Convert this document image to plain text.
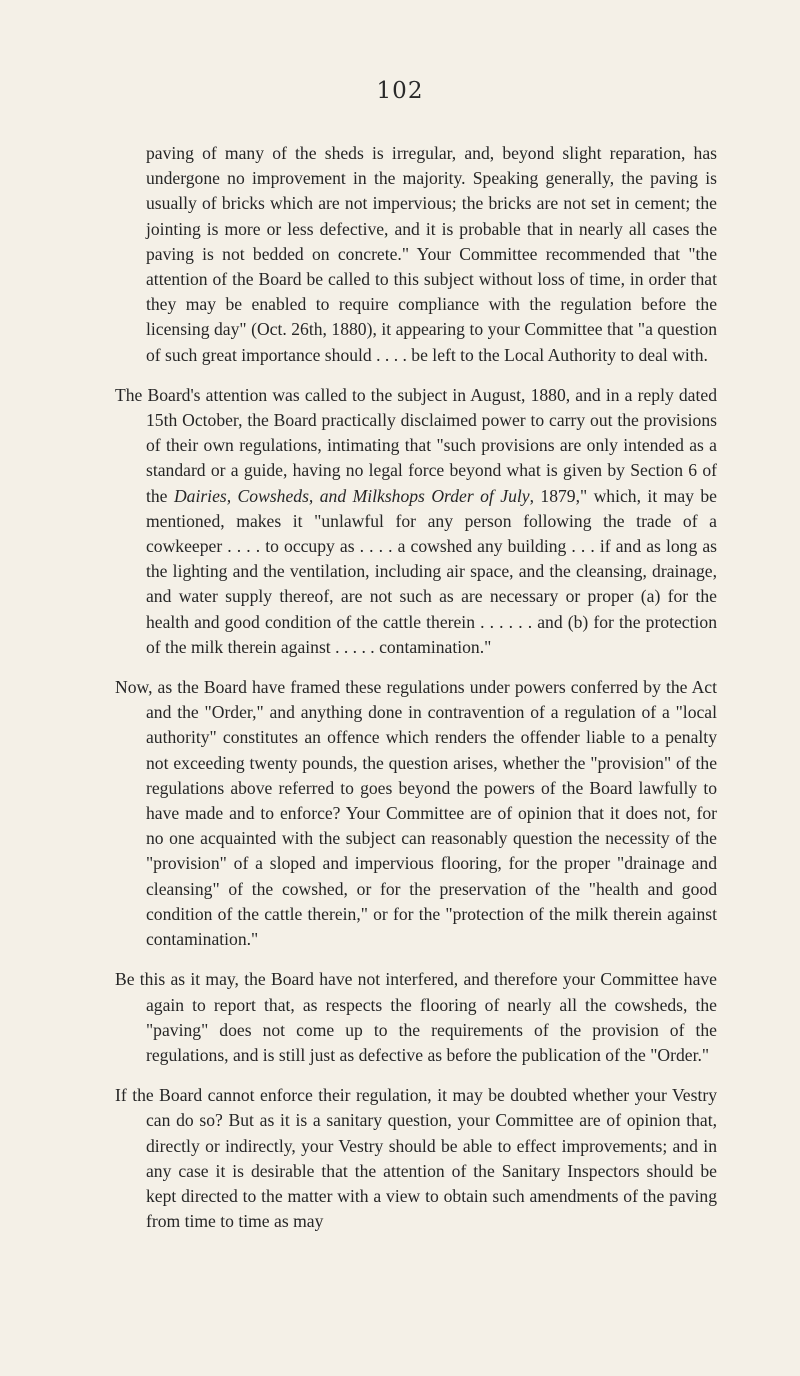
102

paving of many of the sheds is irregular, and, beyond slight reparation, has undergone no improvement in the majority. Speaking generally, the paving is usually of bricks which are not impervious; the bricks are not set in cement; the jointing is more or less defective, and it is probable that in nearly all cases the paving is not bedded on concrete." Your Committee recommended that "the attention of the Board be called to this subject without loss of time, in order that they may be enabled to require compliance with the regulation before the licensing day" (Oct. 26th, 1880), it appearing to your Committee that "a question of such great importance should . . . . be left to the Local Authority to deal with.

The Board's attention was called to the subject in August, 1880, and in a reply dated 15th October, the Board practically disclaimed power to carry out the provisions of their own regulations, intimating that "such provisions are only intended as a standard or a guide, having no legal force beyond what is given by Section 6 of the Dairies, Cowsheds, and Milkshops Order of July, 1879," which, it may be mentioned, makes it "unlawful for any person following the trade of a cowkeeper . . . . to occupy as . . . . a cowshed any building . . . if and as long as the lighting and the ventilation, including air space, and the cleansing, drainage, and water supply thereof, are not such as are necessary or proper (a) for the health and good condition of the cattle therein . . . . . . and (b) for the protection of the milk therein against . . . . . contamination."

Now, as the Board have framed these regulations under powers conferred by the Act and the "Order," and anything done in contravention of a regulation of a "local authority" constitutes an offence which renders the offender liable to a penalty not exceeding twenty pounds, the question arises, whether the "provision" of the regulations above referred to goes beyond the powers of the Board lawfully to have made and to enforce? Your Committee are of opinion that it does not, for no one acquainted with the subject can reasonably question the necessity of the "provision" of a sloped and impervious flooring, for the proper "drainage and cleansing" of the cowshed, or for the preservation of the "health and good condition of the cattle therein," or for the "protection of the milk therein against contamination."

Be this as it may, the Board have not interfered, and therefore your Committee have again to report that, as respects the flooring of nearly all the cowsheds, the "paving" does not come up to the requirements of the provision of the regulations, and is still just as defective as before the publication of the "Order."

If the Board cannot enforce their regulation, it may be doubted whether your Vestry can do so? But as it is a sanitary question, your Committee are of opinion that, directly or indirectly, your Vestry should be able to effect improvements; and in any case it is desirable that the attention of the Sanitary Inspectors should be kept directed to the matter with a view to obtain such amendments of the paving from time to time as may
